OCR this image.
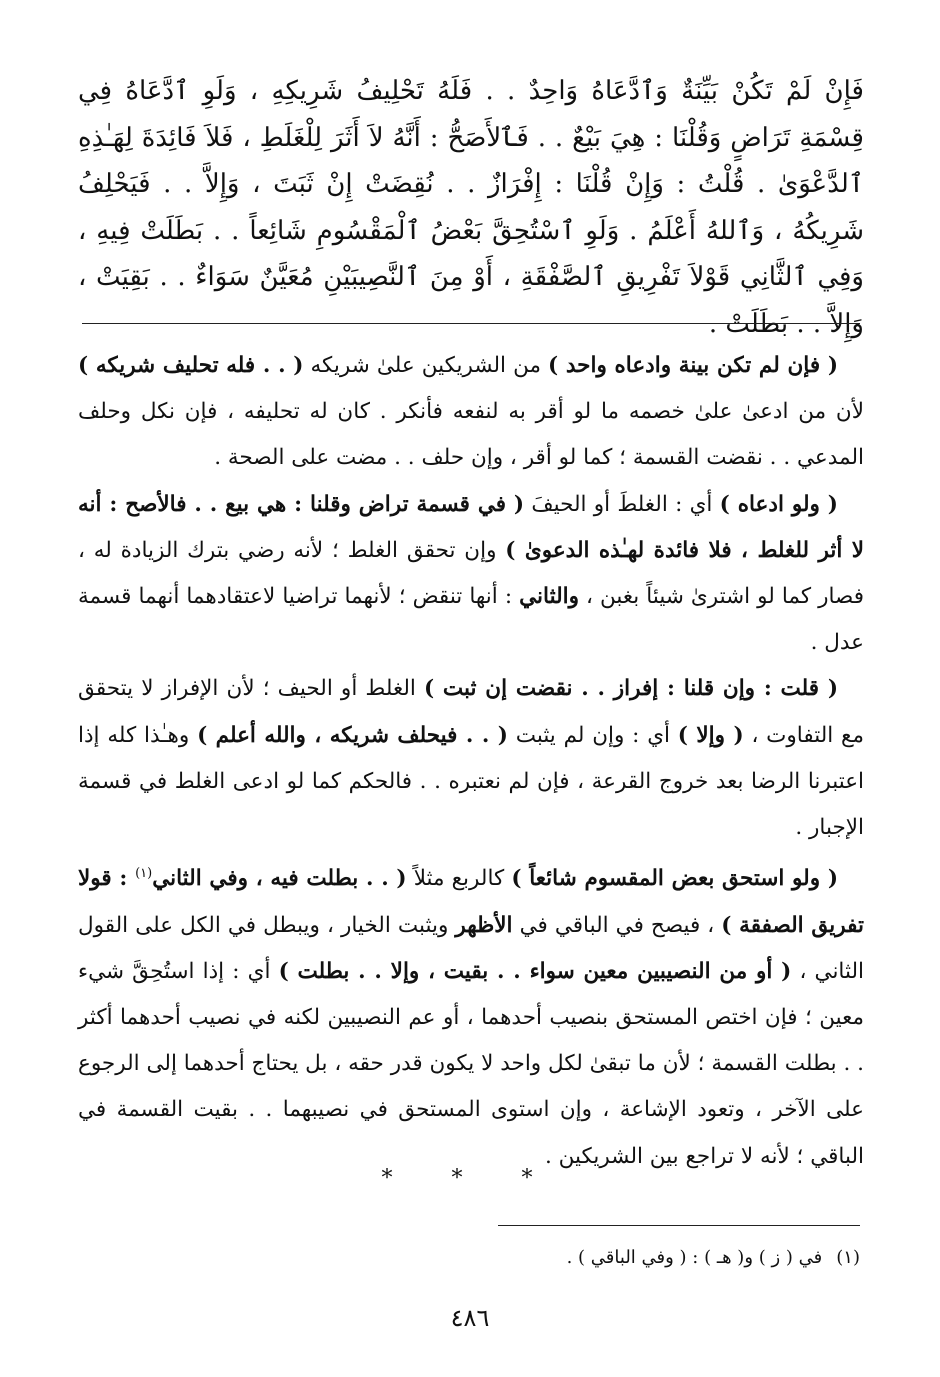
فَإِنْ لَمْ تَكُنْ بَيِّنَةٌ وَٱدَّعَاهُ وَاحِدٌ . . فَلَهُ تَحْلِيفُ شَرِيكِهِ ، وَلَوِ ٱدَّعَاهُ فِي قِسْمَةِ تَرَاضٍ وَقُلْنَا : هِيَ بَيْعٌ . . فَٱلأَصَحُّ : أَنَّهُ لاَ أَثَرَ لِلْغَلَطِ ، فَلاَ فَائِدَةَ لِهَـٰذِهِ ٱلدَّعْوَىٰ . قُلْتُ : وَإِنْ قُلْنَا : إِفْرَازٌ . . نُقِضَتْ إِنْ ثَبَتَ ، وَإِلاَّ . . فَيَحْلِفُ شَرِيكُهُ ، وَٱللهُ أَعْلَمُ . وَلَوِ ٱسْتُحِقَّ بَعْضُ ٱلْمَقْسُومِ شَائِعاً . . بَطَلَتْ فِيهِ ، وَفِي ٱلثَّانِي قَوْلاَ تَفْرِيقِ ٱلصَّفْقَةِ ، أَوْ مِنَ ٱلنَّصِيبَيْنِ مُعَيَّنٌ سَوَاءٌ . . بَقِيَتْ ، وَإِلاَّ . . بَطَلَتْ .

( فإن لم تكن بينة وادعاه واحد ) من الشريكين علىٰ شريكه ( . . فله تحليف شريكه ) لأن من ادعىٰ علىٰ خصمه ما لو أقر به لنفعه فأنكر . كان له تحليفه ، فإن نكل وحلف المدعي . . نقضت القسمة ؛ كما لو أقر ، وإن حلف . . مضت على الصحة .

( ولو ادعاه ) أي : الغلطَ أو الحيفَ ( في قسمة تراض وقلنا : هي بيع . . فالأصح : أنه لا أثر للغلط ، فلا فائدة لهـٰذه الدعوىٰ ) وإن تحقق الغلط ؛ لأنه رضي بترك الزيادة له ، فصار كما لو اشترىٰ شيئاً بغبن ، والثاني : أنها تنقض ؛ لأنهما تراضيا لاعتقادهما أنهما قسمة عدل .

( قلت : وإن قلنا : إفراز . . نقضت إن ثبت ) الغلط أو الحيف ؛ لأن الإفراز لا يتحقق مع التفاوت ، ( وإلا ) أي : وإن لم يثبت ( . . فيحلف شريكه ، والله أعلم ) وهـٰذا كله إذا اعتبرنا الرضا بعد خروج القرعة ، فإن لم نعتبره . . فالحكم كما لو ادعى الغلط في قسمة الإجبار .

( ولو استحق بعض المقسوم شائعاً ) كالربع مثلاً ( . . بطلت فيه ، وفي الثاني$^{(١)}$ : قولا تفريق الصفقة ) ، فيصح في الباقي في الأظهر ويثبت الخيار ، ويبطل في الكل على القول الثاني ، ( أو من النصيبين معين سواء . . بقيت ، وإلا . . بطلت ) أي : إذا استُحِقَّ شيء معين ؛ فإن اختص المستحق بنصيب أحدهما ، أو عم النصيبين لكنه في نصيب أحدهما أكثر . . بطلت القسمة ؛ لأن ما تبقىٰ لكل واحد لا يكون قدر حقه ، بل يحتاج أحدهما إلى الرجوع على الآخر ، وتعود الإشاعة ، وإن استوى المستحق في نصيبهما . . بقيت القسمة في الباقي ؛ لأنه لا تراجع بين الشريكين .

* * *
(١)في ( ز ) و( هـ ) : ( وفي الباقي ) .
٤٨٦
